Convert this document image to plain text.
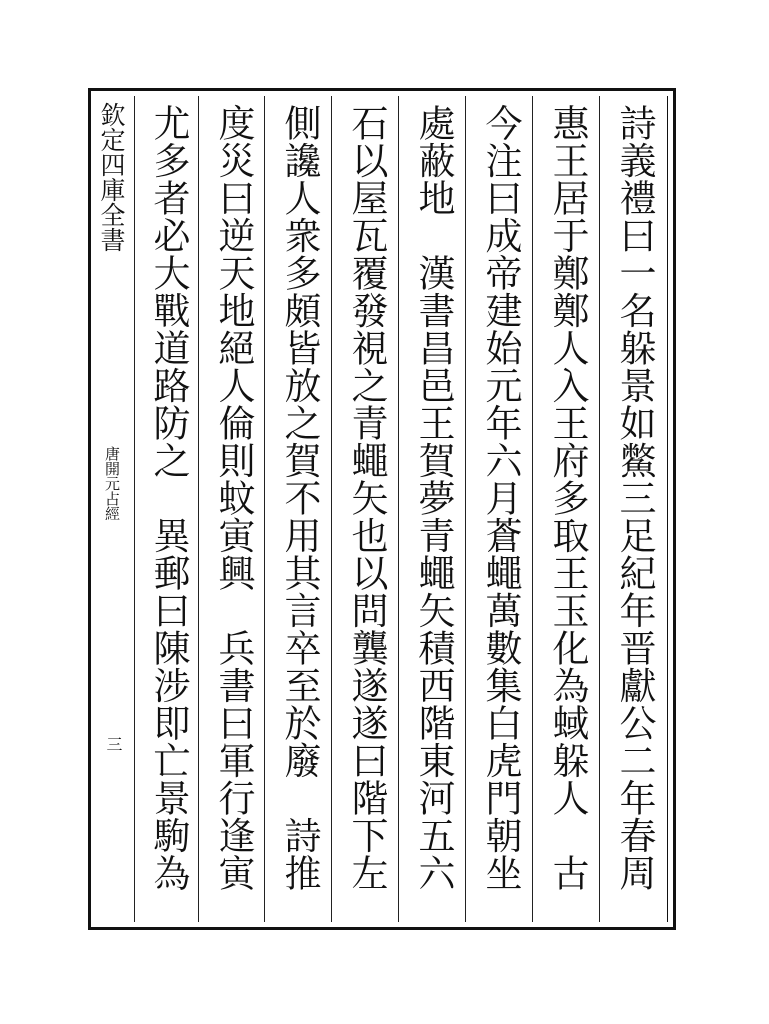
欽定四庫全書
唐開元占經
三	詩義禮曰一名躲景如鱉三足紀年晋獻公二年春周
惠王居于鄭鄭人入王府多取王玉化為蜮躲人　古
今注曰成帝建始元年六月蒼蠅萬數集白虎門朝坐
處蔽地　漢書昌邑王賀夢青蠅矢積西階東河五六
石以屋瓦覆發視之青蠅矢也以問龔遂遂曰階下左
側讒人衆多頗皆放之賀不用其言卒至於廢　詩推
度災曰逆天地絕人倫則蚊寅興　兵書曰軍行逢寅
尤多者必大戰道路防之　異郵曰陳涉即亡景駒為
